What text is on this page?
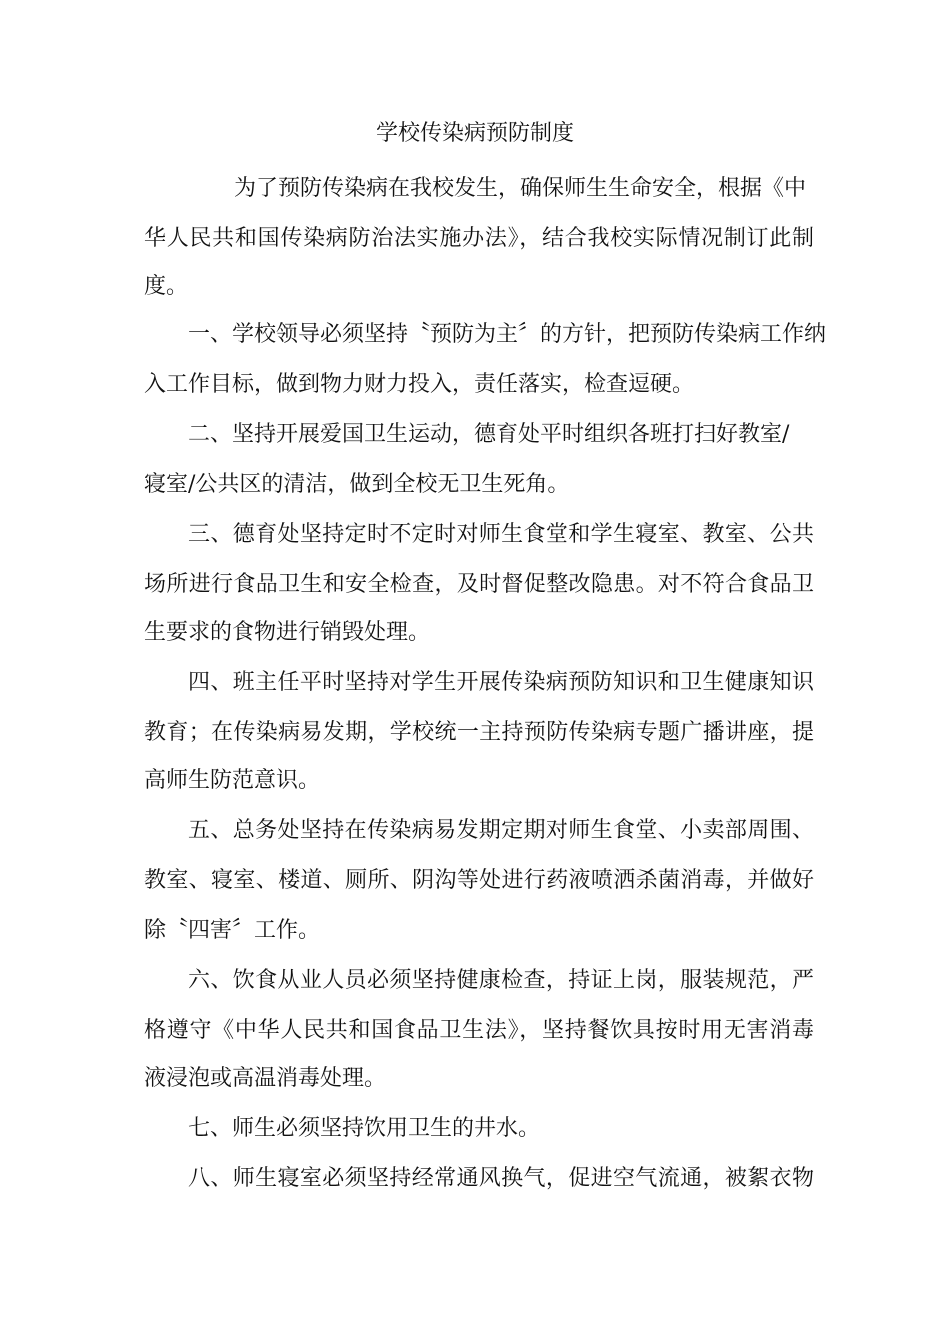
学校传染病预防制度
为了预防传染病在我校发生，确保师生生命安全，根据《中
华人民共和国传染病防治法实施办法》，结合我校实际情况制订此制
度。
一、学校领导必须坚持〝预防为主〞的方针，把预防传染病工作纳
入工作目标，做到物力财力投入，责任落实，检查逗硬。
二、坚持开展爱国卫生运动，德育处平时组织各班打扫好教室/
寝室/公共区的清洁，做到全校无卫生死角。
三、德育处坚持定时不定时对师生食堂和学生寝室、教室、公共
场所进行食品卫生和安全检查，及时督促整改隐患。对不符合食品卫
生要求的食物进行销毁处理。
四、班主任平时坚持对学生开展传染病预防知识和卫生健康知识
教育；在传染病易发期，学校统一主持预防传染病专题广播讲座，提
高师生防范意识。
五、总务处坚持在传染病易发期定期对师生食堂、小卖部周围、
教室、寝室、楼道、厕所、阴沟等处进行药液喷洒杀菌消毒，并做好
除〝四害〞工作。
六、饮食从业人员必须坚持健康检查，持证上岗，服装规范，严
格遵守《中华人民共和国食品卫生法》，坚持餐饮具按时用无害消毒
液浸泡或高温消毒处理。
七、师生必须坚持饮用卫生的井水。
八、师生寝室必须坚持经常通风换气，促进空气流通，被絮衣物
